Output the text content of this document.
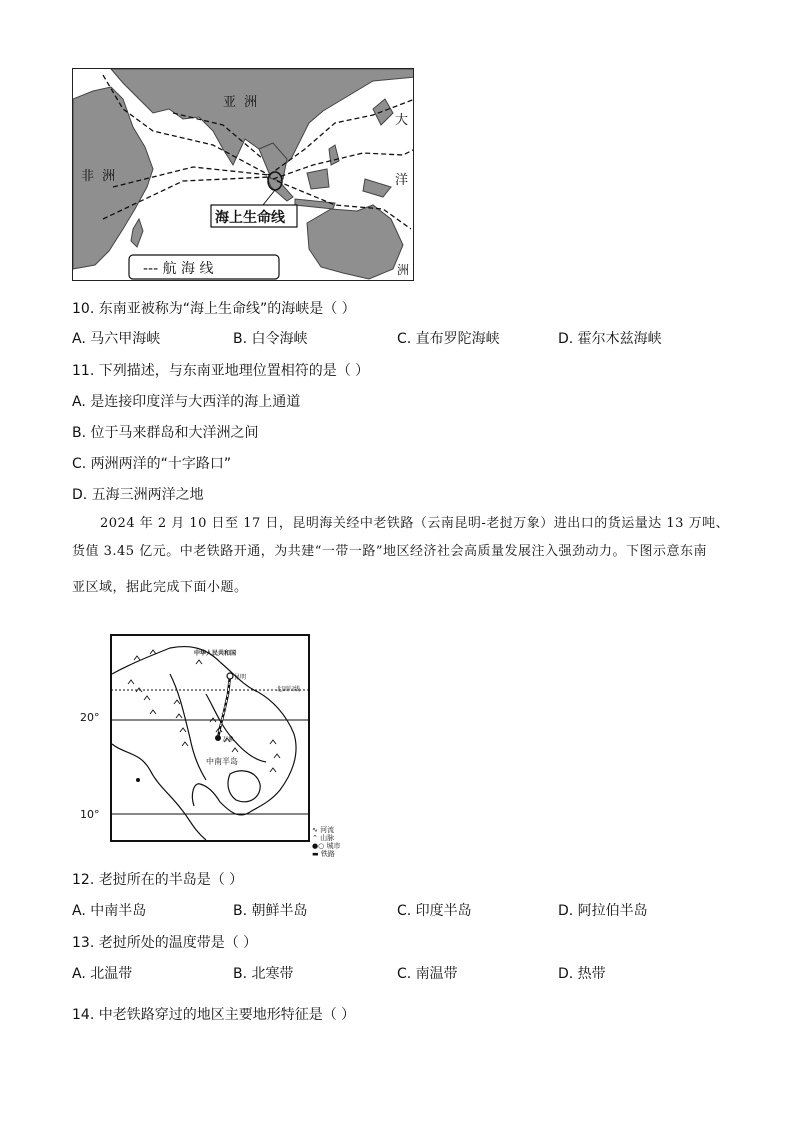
亚 洲
非 洲
大
洋
洲
海上生命线
--- 航 海 线
10. 东南亚被称为“海上生命线”的海峡是（ ）
A. 马六甲海峡	B. 白令海峡	C. 直布罗陀海峡	D. 霍尔木兹海峡
11. 下列描述，与东南亚地理位置相符的是（ ）
A. 是连接印度洋与大西洋的海上通道
B. 位于马来群岛和大洋洲之间
C. 两洲两洋的“十字路口”
D. 五海三洲两洋之地
2024 年 2 月 10 日至 17 日，昆明海关经中老铁路（云南昆明-老挝万象）进出口的货运量达 13 万吨、
货值 3.45 亿元。中老铁路开通，为共建“一带一路”地区经济社会高质量发展注入强劲动力。下图示意东南
亚区域，据此完成下面小题。
20°
10°
中华人民共和国
昆明
北回归线
万象
中南半岛
∿ 河流
⌃ 山脉
●○ 城市
▬ 铁路
12. 老挝所在的半岛是（ ）
A. 中南半岛	B. 朝鲜半岛	C. 印度半岛	D. 阿拉伯半岛
13. 老挝所处的温度带是（ ）
A. 北温带	B. 北寒带	C. 南温带	D. 热带
14. 中老铁路穿过的地区主要地形特征是（ ）
